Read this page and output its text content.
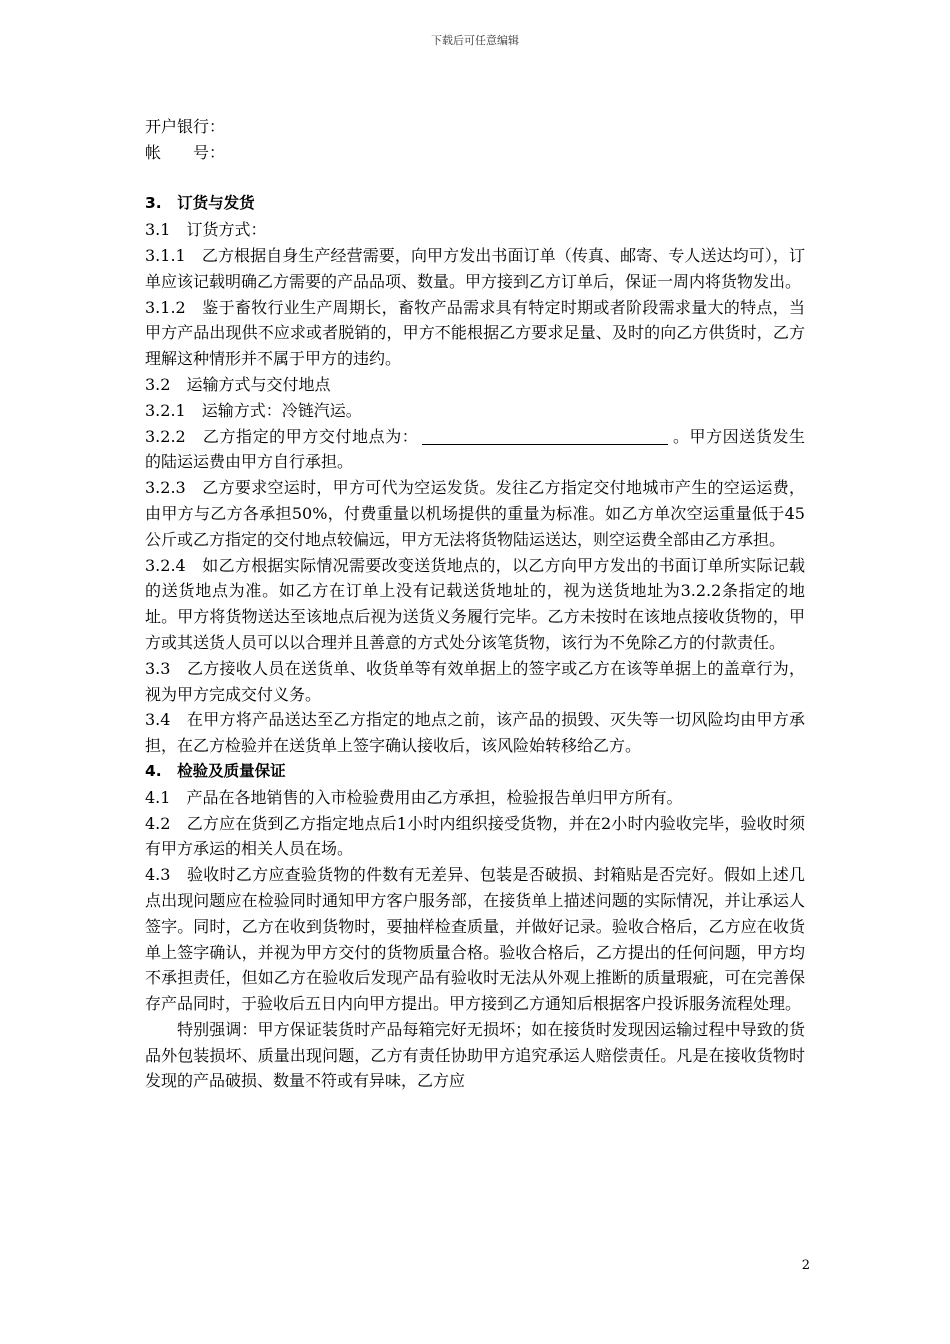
下载后可任意编辑

开户银行：

帐　　号：

3.　订货与发货

3.1　订货方式：

3.1.1　乙方根据自身生产经营需要，向甲方发出书面订单（传真、邮寄、专人送达均可），订单应该记载明确乙方需要的产品品项、数量。甲方接到乙方订单后，保证一周内将货物发出。

3.1.2　鉴于畜牧行业生产周期长，畜牧产品需求具有特定时期或者阶段需求量大的特点，当甲方产品出现供不应求或者脱销的，甲方不能根据乙方要求足量、及时的向乙方供货时，乙方理解这种情形并不属于甲方的违约。

3.2　运输方式与交付地点

3.2.1　运输方式：冷链汽运。

3.2.2　乙方指定的甲方交付地点为：	。甲方因送货发生的陆运运费由甲方自行承担。

3.2.3　乙方要求空运时，甲方可代为空运发货。发往乙方指定交付地城市产生的空运运费，由甲方与乙方各承担50%，付费重量以机场提供的重量为标准。如乙方单次空运重量低于45公斤或乙方指定的交付地点较偏远，甲方无法将货物陆运送达，则空运费全部由乙方承担。

3.2.4　如乙方根据实际情况需要改变送货地点的，以乙方向甲方发出的书面订单所实际记载的送货地点为准。如乙方在订单上没有记载送货地址的，视为送货地址为3.2.2条指定的地址。甲方将货物送达至该地点后视为送货义务履行完毕。乙方未按时在该地点接收货物的，甲方或其送货人员可以以合理并且善意的方式处分该笔货物，该行为不免除乙方的付款责任。

3.3　乙方接收人员在送货单、收货单等有效单据上的签字或乙方在该等单据上的盖章行为，视为甲方完成交付义务。

3.4　在甲方将产品送达至乙方指定的地点之前，该产品的损毁、灭失等一切风险均由甲方承担，在乙方检验并在送货单上签字确认接收后，该风险始转移给乙方。

4.　检验及质量保证

4.1　产品在各地销售的入市检验费用由乙方承担，检验报告单归甲方所有。

4.2　乙方应在货到乙方指定地点后1小时内组织接受货物，并在2小时内验收完毕，验收时须有甲方承运的相关人员在场。

4.3　验收时乙方应查验货物的件数有无差异、包装是否破损、封箱贴是否完好。假如上述几点出现问题应在检验同时通知甲方客户服务部，在接货单上描述问题的实际情况，并让承运人签字。同时，乙方在收到货物时，要抽样检查质量，并做好记录。验收合格后，乙方应在收货单上签字确认，并视为甲方交付的货物质量合格。验收合格后，乙方提出的任何问题，甲方均不承担责任，但如乙方在验收后发现产品有验收时无法从外观上推断的质量瑕疵，可在完善保存产品同时，于验收后五日内向甲方提出。甲方接到乙方通知后根据客户投诉服务流程处理。

特别强调：甲方保证装货时产品每箱完好无损坏；如在接货时发现因运输过程中导致的货品外包装损坏、质量出现问题，乙方有责任协助甲方追究承运人赔偿责任。凡是在接收货物时发现的产品破损、数量不符或有异味，乙方应

2
